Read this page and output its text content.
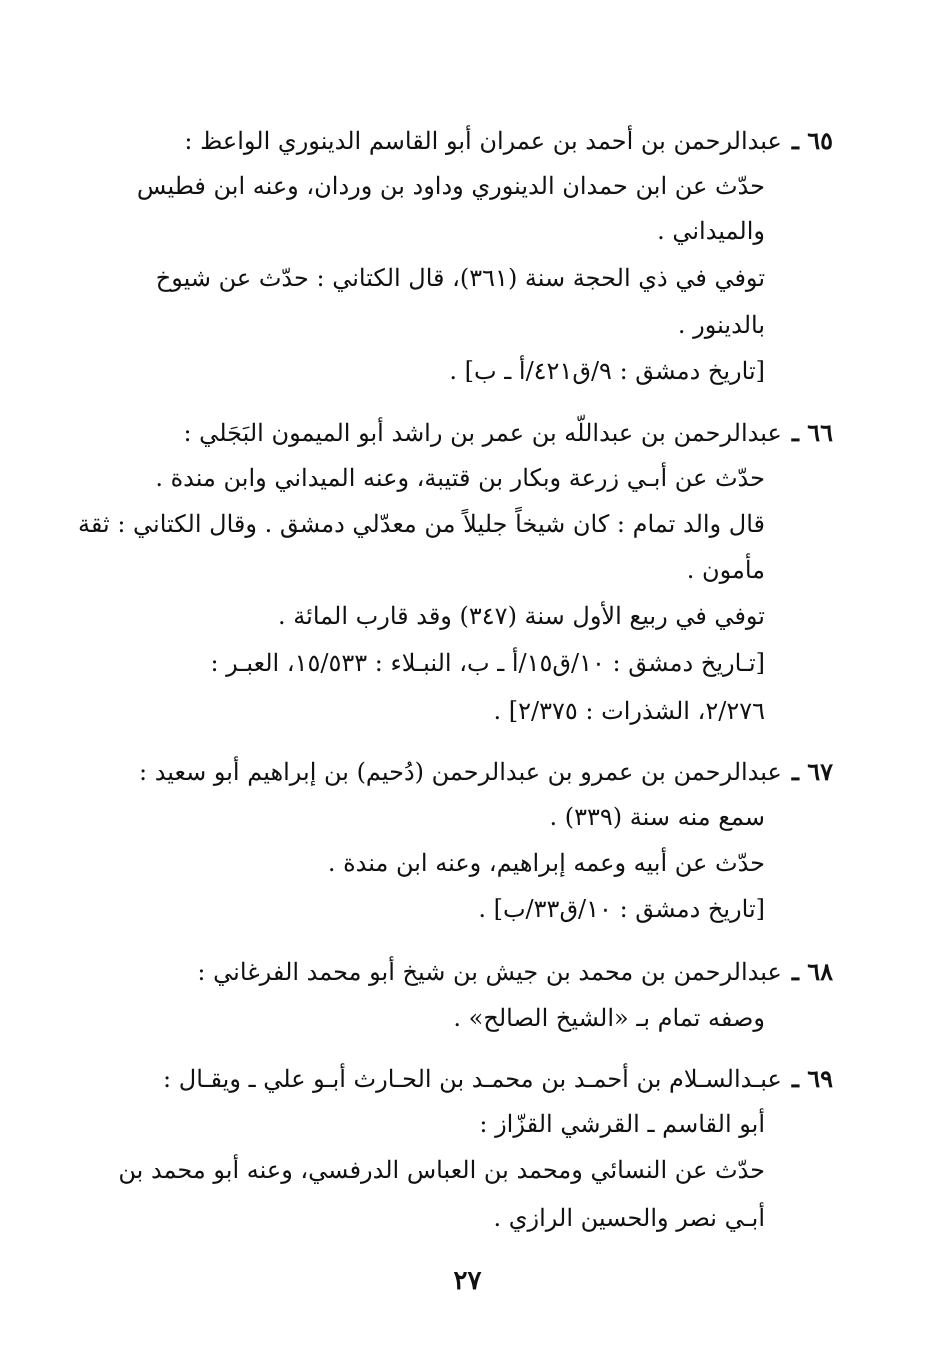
٦٥ ـعبدالرحمن بن أحمد بن عمران أبو القاسم الدينوري الواعظ :
حدّث عن ابن حمدان الدينوري وداود بن وردان، وعنه ابن فطيس
والميداني .
توفي في ذي الحجة سنة (٣٦١)، قال الكتاني : حدّث عن شيوخ
بالدينور .
[تاريخ دمشق : ٩/ق٤٢١/أ ـ ب] .
٦٦ ـعبدالرحمن بن عبداللّه بن عمر بن راشد أبو الميمون البَجَلي :
حدّث عن أبـي زرعة وبكار بن قتيبة، وعنه الميداني وابن مندة .
قال والد تمام : كان شيخاً جليلاً من معدّلي دمشق . وقال الكتاني : ثقة
مأمون .
توفي في ربيع الأول سنة (٣٤٧) وقد قارب المائة .
[تـاريخ دمشق : ١٠/ق١٥/أ ـ ب، النبـلاء : ١٥/٥٣٣، العبـر :
٢/٢٧٦، الشذرات : ٢/٣٧٥] .
٦٧ ـعبدالرحمن بن عمرو بن عبدالرحمن (دُحيم) بن إبراهيم أبو سعيد :
سمع منه سنة (٣٣٩) .
حدّث عن أبيه وعمه إبراهيم، وعنه ابن مندة .
[تاريخ دمشق : ١٠/ق٣٣/ب] .
٦٨ ـعبدالرحمن بن محمد بن جيش بن شيخ أبو محمد الفرغاني :
وصفه تمام بـ «الشيخ الصالح» .
٦٩ ـعبـدالسـلام بن أحمـد بن محمـد بن الحـارث أبـو علي ـ ويقـال :
أبو القاسم ـ القرشي القزّاز :
حدّث عن النسائي ومحمد بن العباس الدرفسي، وعنه أبو محمد بن
أبـي نصر والحسين الرازي .
٢٧
